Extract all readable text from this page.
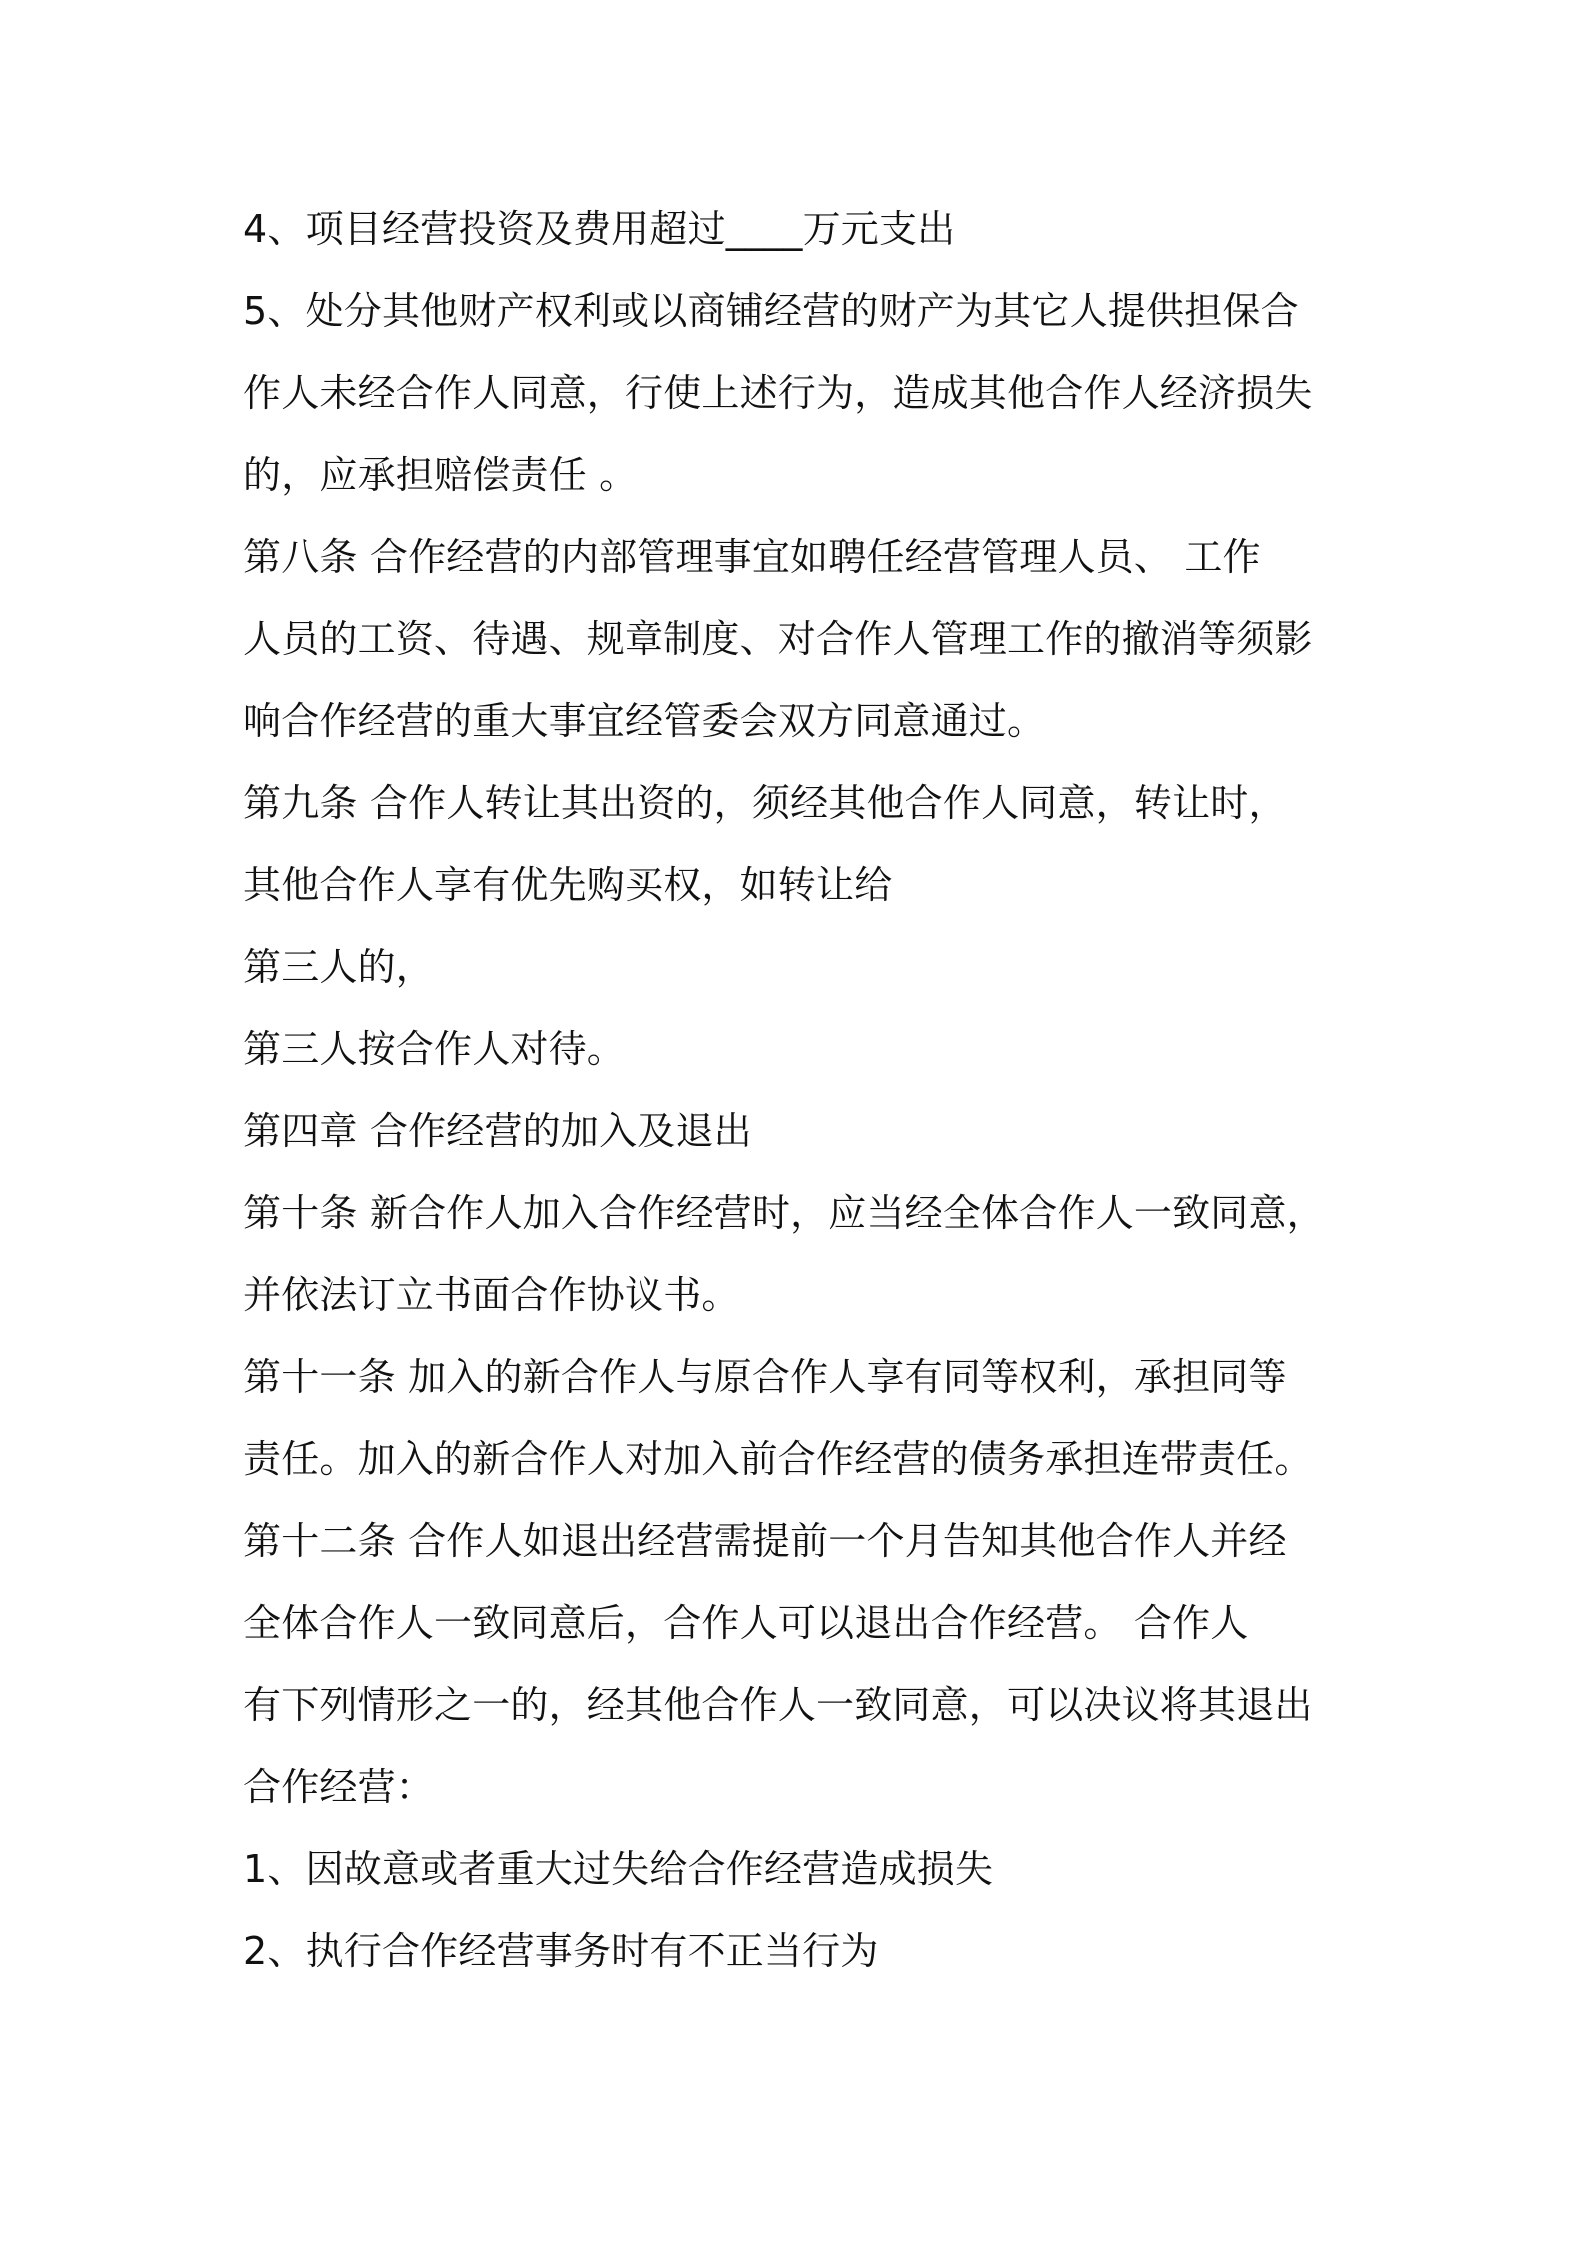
4、项目经营投资及费用超过____万元支出
5、处分其他财产权利或以商铺经营的财产为其它人提供担保合
作人未经合作人同意，行使上述行为，造成其他合作人经济损失
的，应承担赔偿责任 。
第八条 合作经营的内部管理事宜如聘任经营管理人员、 工作
人员的工资、待遇、规章制度、对合作人管理工作的撤消等须影
响合作经营的重大事宜经管委会双方同意通过。
第九条 合作人转让其出资的，须经其他合作人同意，转让时，
其他合作人享有优先购买权，如转让给
第三人的，
第三人按合作人对待。
第四章 合作经营的加入及退出
第十条 新合作人加入合作经营时，应当经全体合作人一致同意，
并依法订立书面合作协议书。
第十一条 加入的新合作人与原合作人享有同等权利，承担同等
责任。加入的新合作人对加入前合作经营的债务承担连带责任。
第十二条 合作人如退出经营需提前一个月告知其他合作人并经
全体合作人一致同意后，合作人可以退出合作经营。 合作人
有下列情形之一的，经其他合作人一致同意，可以决议将其退出
合作经营：
1、因故意或者重大过失给合作经营造成损失
2、执行合作经营事务时有不正当行为
